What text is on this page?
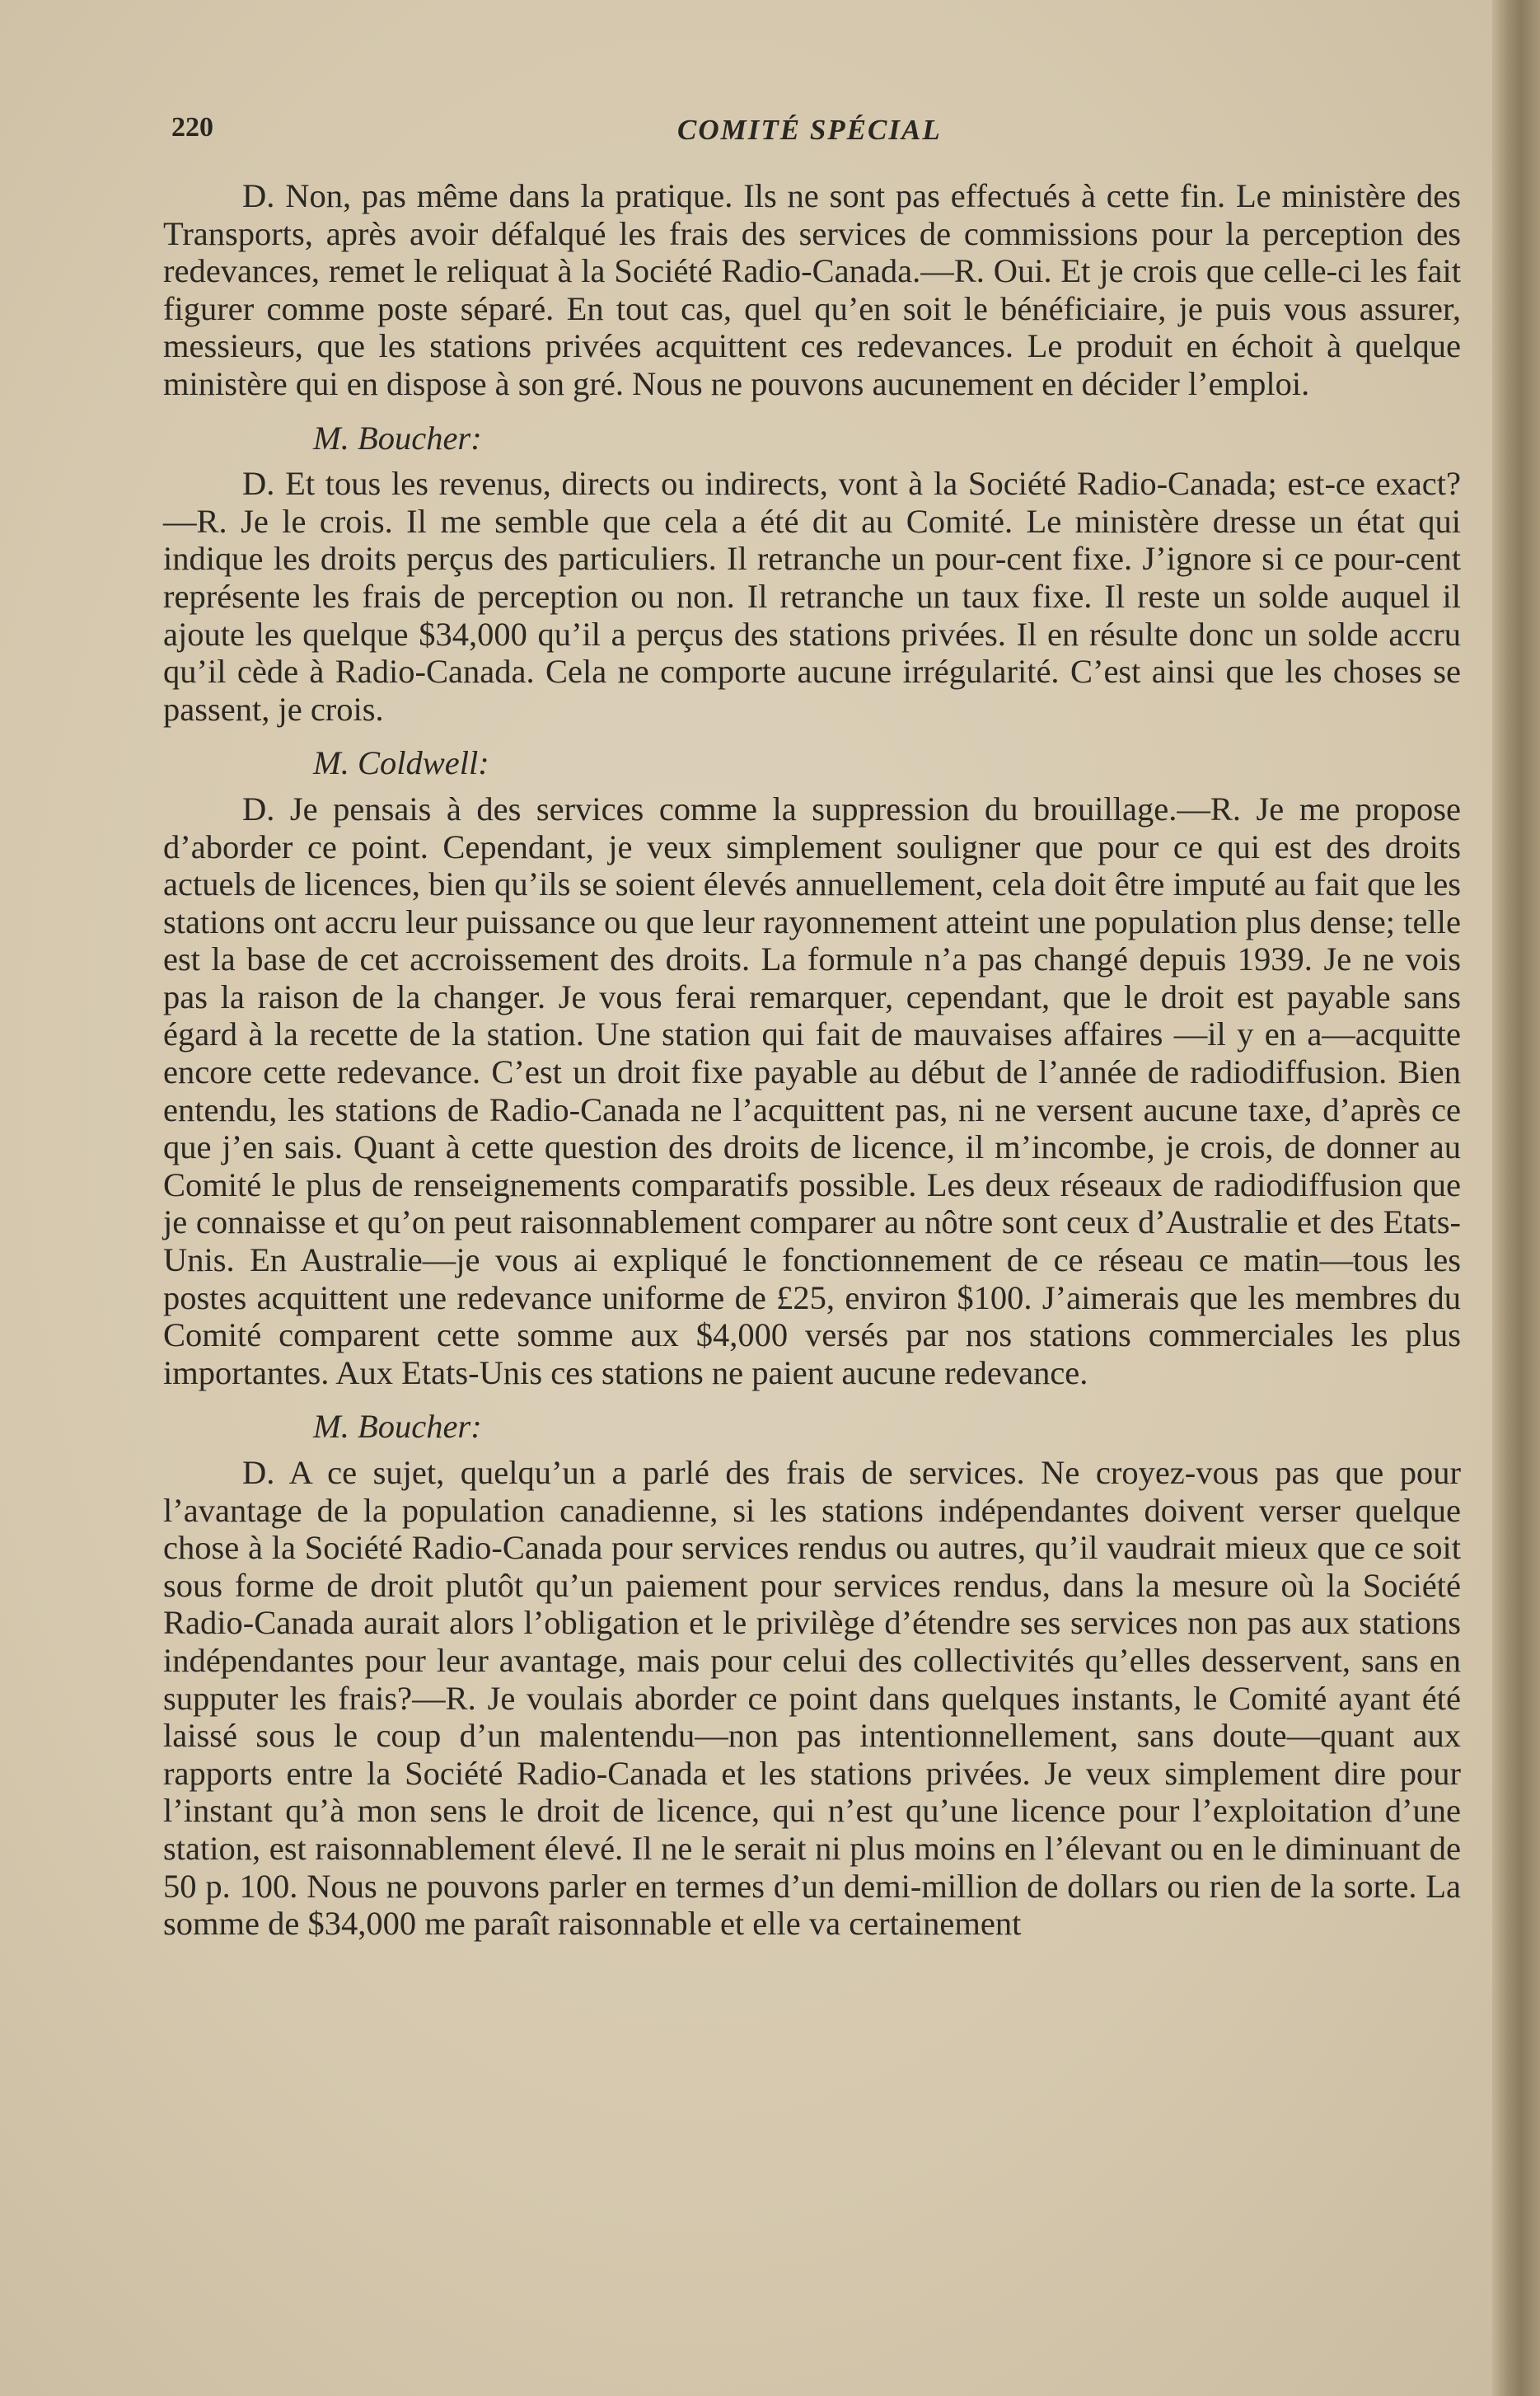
220	COMITÉ SPÉCIAL

D. Non, pas même dans la pratique. Ils ne sont pas effectués à cette fin. Le ministère des Transports, après avoir défalqué les frais des services de commissions pour la perception des redevances, remet le reliquat à la Société Radio-Canada.—R. Oui. Et je crois que celle-ci les fait figurer comme poste séparé. En tout cas, quel qu’en soit le bénéficiaire, je puis vous assurer, messieurs, que les stations privées acquittent ces redevances. Le produit en échoit à quelque ministère qui en dispose à son gré. Nous ne pouvons aucunement en décider l’emploi.

M. Boucher:

D. Et tous les revenus, directs ou indirects, vont à la Société Radio-Canada; est-ce exact?—R. Je le crois. Il me semble que cela a été dit au Comité. Le ministère dresse un état qui indique les droits perçus des particuliers. Il retranche un pour-cent fixe. J’ignore si ce pour-cent représente les frais de perception ou non. Il retranche un taux fixe. Il reste un solde auquel il ajoute les quelque $34,000 qu’il a perçus des stations privées. Il en résulte donc un solde accru qu’il cède à Radio-Canada. Cela ne comporte aucune irrégularité. C’est ainsi que les choses se passent, je crois.

M. Coldwell:

D. Je pensais à des services comme la suppression du brouillage.—R. Je me propose d’aborder ce point. Cependant, je veux simplement souligner que pour ce qui est des droits actuels de licences, bien qu’ils se soient élevés annuellement, cela doit être imputé au fait que les stations ont accru leur puissance ou que leur rayonnement atteint une population plus dense; telle est la base de cet accroissement des droits. La formule n’a pas changé depuis 1939. Je ne vois pas la raison de la changer. Je vous ferai remarquer, cependant, que le droit est payable sans égard à la recette de la station. Une station qui fait de mauvaises affaires —il y en a—acquitte encore cette redevance. C’est un droit fixe payable au début de l’année de radiodiffusion. Bien entendu, les stations de Radio-Canada ne l’acquittent pas, ni ne versent aucune taxe, d’après ce que j’en sais. Quant à cette question des droits de licence, il m’incombe, je crois, de donner au Comité le plus de renseignements comparatifs possible. Les deux réseaux de radiodiffusion que je connaisse et qu’on peut raisonnablement comparer au nôtre sont ceux d’Australie et des Etats-Unis. En Australie—je vous ai expliqué le fonctionnement de ce réseau ce matin—tous les postes acquittent une redevance uniforme de £25, environ $100. J’aimerais que les membres du Comité comparent cette somme aux $4,000 versés par nos stations commerciales les plus importantes. Aux Etats-Unis ces stations ne paient aucune redevance.

M. Boucher:

D. A ce sujet, quelqu’un a parlé des frais de services. Ne croyez-vous pas que pour l’avantage de la population canadienne, si les stations indépendantes doivent verser quelque chose à la Société Radio-Canada pour services rendus ou autres, qu’il vaudrait mieux que ce soit sous forme de droit plutôt qu’un paiement pour services rendus, dans la mesure où la Société Radio-Canada aurait alors l’obligation et le privilège d’étendre ses services non pas aux stations indépendantes pour leur avantage, mais pour celui des collectivités qu’elles desservent, sans en supputer les frais?—R. Je voulais aborder ce point dans quelques instants, le Comité ayant été laissé sous le coup d’un malentendu—non pas intentionnellement, sans doute—quant aux rapports entre la Société Radio-Canada et les stations privées. Je veux simplement dire pour l’instant qu’à mon sens le droit de licence, qui n’est qu’une licence pour l’exploitation d’une station, est raisonnablement élevé. Il ne le serait ni plus moins en l’élevant ou en le diminuant de 50 p. 100. Nous ne pouvons parler en termes d’un demi-million de dollars ou rien de la sorte. La somme de $34,000 me paraît raisonnable et elle va certainement
